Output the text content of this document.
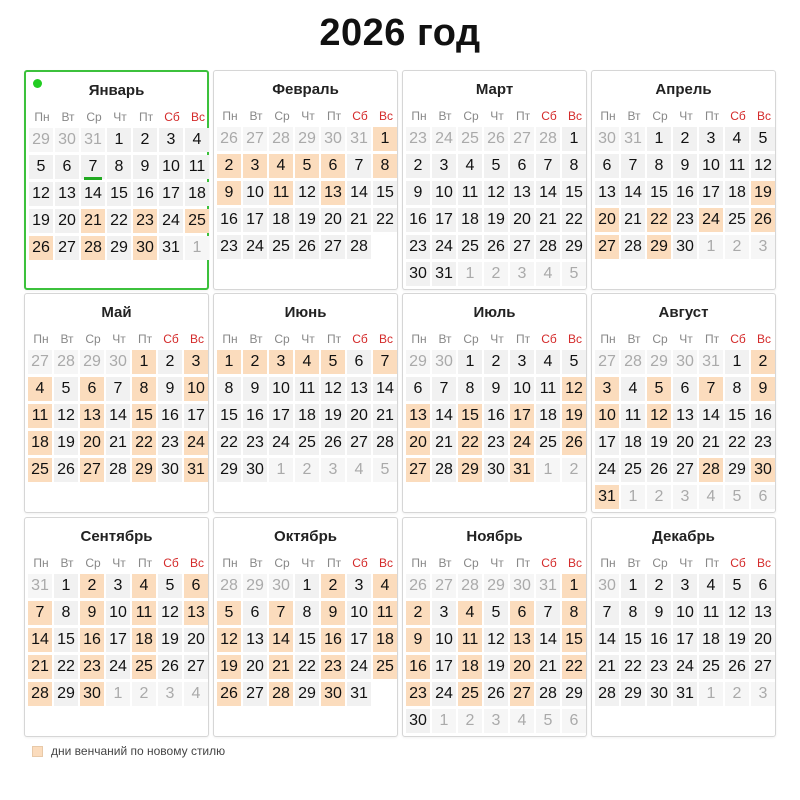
2026 год
Январь
Пн Вт Ср Чт	Пт Сб Вс
29 30 31 1	2	3	4
5	6	7	8	9 10 11
12 13 14 15 16 17 18
19 20 21 22 23 24 25
26 27 28 29 30 31 1
Февраль
Пн Вт Ср Чт	Пт Сб Вс
26 27 28 29 30 31 1
2	3	4	5	6	7	8
9 10 11 12 13 14 15
16 17 18 19 20 21 22
23 24 25 26 27 28
Март
Пн Вт Ср Чт	Пт Сб Вс
23 24 25 26 27 28 1
2	3	4	5	6	7	8
9 10 11 12 13 14 15
16 17 18 19 20 21 22
23 24 25 26 27 28 29
30 31 1	2	3	4	5
Апрель
Пн Вт Ср Чт	Пт Сб Вс
30 31 1	2	3	4	5
6	7	8	9 10 11 12
13 14 15 16 17 18 19
20 21 22 23 24 25 26
27 28 29 30 1	2	3
Май
Пн Вт Ср Чт	Пт Сб Вс
27 28 29 30 1	2	3
4	5	6	7	8	9 10
11 12 13 14 15 16 17
18 19 20 21 22 23 24
25 26 27 28 29 30 31
Июнь
Пн Вт Ср Чт	Пт Сб Вс
1	2	3	4	5	6	7
8	9 10 11 12 13 14
15 16 17 18 19 20 21
22 23 24 25 26 27 28
29 30 1	2	3	4	5
Июль
Пн Вт Ср Чт	Пт Сб Вс
29 30 1	2	3	4	5
6	7	8	9 10 11 12
13 14 15 16 17 18 19
20 21 22 23 24 25 26
27 28 29 30 31 1	2
Август
Пн Вт Ср Чт	Пт Сб Вс
27 28 29 30 31 1	2
3	4	5	6	7	8	9
10 11 12 13 14 15 16
17 18 19 20 21 22 23
24 25 26 27 28 29 30
31 1	2	3	4	5	6
Сентябрь
Пн Вт Ср Чт	Пт Сб Вс
31 1	2	3	4	5	6
7	8	9 10 11 12 13
14 15 16 17 18 19 20
21 22 23 24 25 26 27
28 29 30 1	2	3	4
Октябрь
Пн Вт Ср Чт	Пт Сб Вс
28 29 30 1	2	3	4
5	6	7	8	9 10 11
12 13 14 15 16 17 18
19 20 21 22 23 24 25
26 27 28 29 30 31
Ноябрь
Пн Вт Ср Чт	Пт Сб Вс
26 27 28 29 30 31 1
2	3	4	5	6	7	8
9 10 11 12 13 14 15
16 17 18 19 20 21 22
23 24 25 26 27 28 29
30 1	2	3	4	5	6
Декабрь
Пн Вт Ср Чт	Пт Сб Вс
30 1	2	3	4	5	6
7	8	9 10 11 12 13
14 15 16 17 18 19 20
21 22 23 24 25 26 27
28 29 30 31 1	2	3
дни венчаний по новому стилю
